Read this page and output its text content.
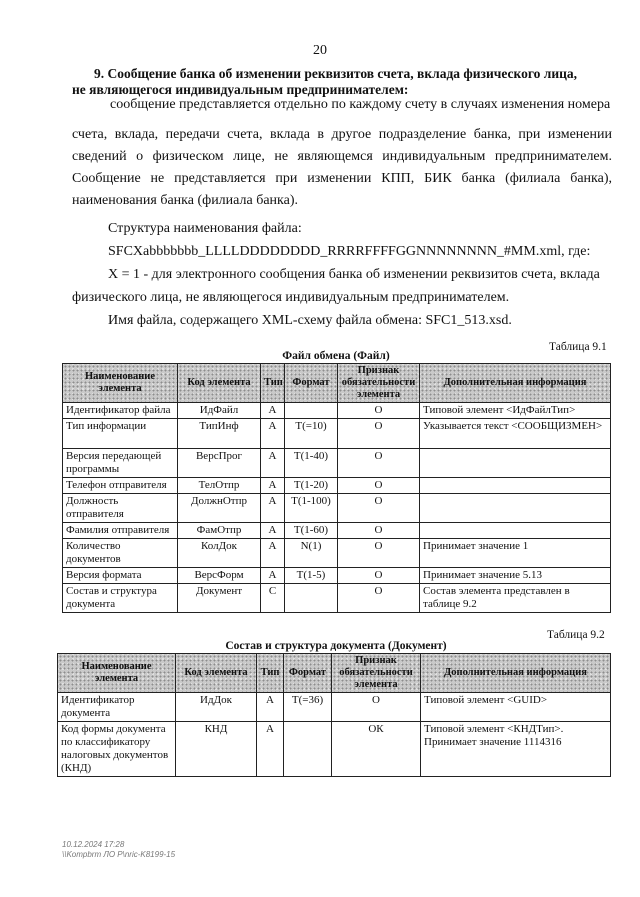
20
9. Сообщение банка об изменении реквизитов счета, вклада физического лица,
не являющегося индивидуальным предпринимателем:
сообщение представляется отдельно по каждому счету в случаях изменения номера
счета, вклада, передачи счета, вклада в другое подразделение банка, при изменении сведений о физическом лице, не являющемся индивидуальным предпринимателем. Сообщение не представляется при изменении КПП, БИК банка (филиала банка), наименования банка (филиала банка).
Структура наименования файла:
SFCXabbbbbbb_LLLLDDDDDDDD_RRRRFFFFGGNNNNNNNN_#MM.xml, где:
X = 1 - для электронного сообщения банка об изменении реквизитов счета, вклада
физического лица, не являющегося индивидуальным предпринимателем.
Имя файла, содержащего XML-схему файла обмена: SFC1_513.xsd.
Таблица 9.1
Файл обмена (Файл)
Наименование элемента	Код элемента	Тип	Формат	Признак обязательности элемента	Дополнительная информация
Идентификатор файла	ИдФайл	А		О	Типовой элемент <ИдФайлТип>
Тип информации	ТипИнф	А	Т(=10)	О	Указывается текст <СООБЩИЗМЕН>
Версия передающей программы	ВерсПрог	А	Т(1-40)	О	
Телефон отправителя	ТелОтпр	А	Т(1-20)	О	
Должность отправителя	ДолжнОтпр	А	Т(1-100)	О	
Фамилия отправителя	ФамОтпр	А	Т(1-60)	О	
Количество документов	КолДок	А	N(1)	О	Принимает значение 1
Версия формата	ВерсФорм	А	Т(1-5)	О	Принимает значение 5.13
Состав и структура документа	Документ	С		О	Состав элемента представлен в таблице 9.2
Таблица 9.2
Состав и структура документа (Документ)
Наименование элемента	Код элемента	Тип	Формат	Признак обязательности элемента	Дополнительная информация
Идентификатор документа	ИдДок	А	Т(=36)	О	Типовой элемент <GUID>
Код формы документа по классификатору налоговых документов (КНД)	КНД	А		ОК	Типовой элемент <КНДТип>. Принимает значение 1114316
10.12.2024 17:28
\\Kompbrm ЛО Р\nric-K8199-15
